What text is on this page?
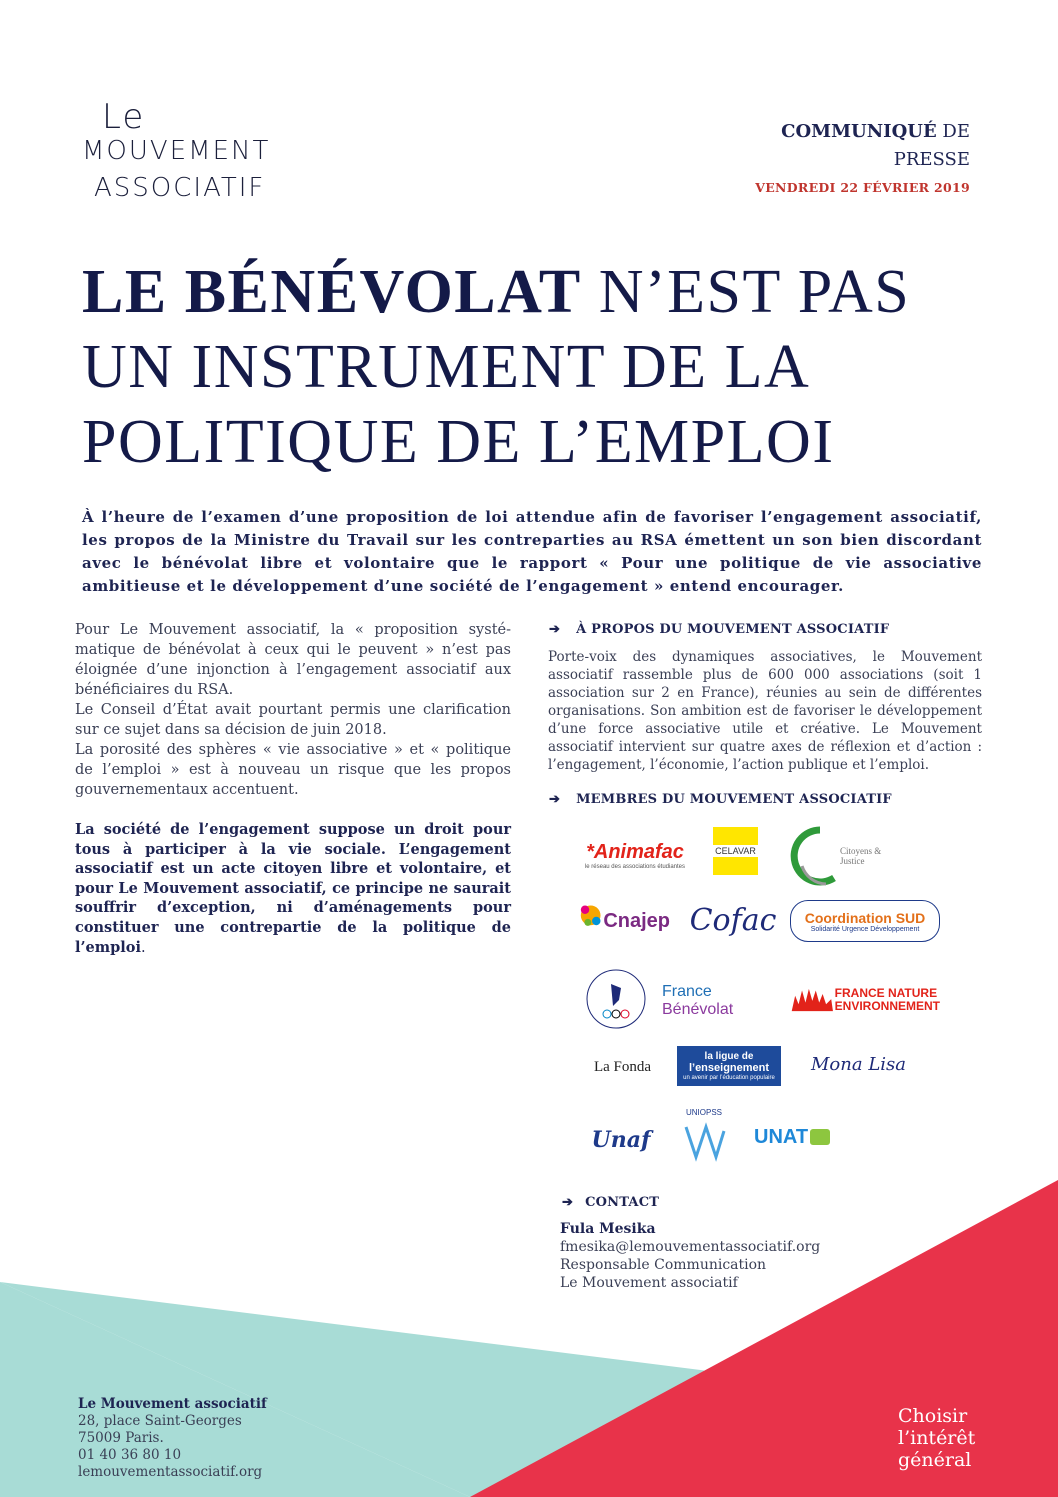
Le
MOUVEMENT
ASSOCIATIF
COMMUNIQUÉ DE
PRESSE
VENDREDI 22 FÉVRIER 2019
LE BÉNÉVOLAT N’EST PAS
UN INSTRUMENT DE LA
POLITIQUE DE L’EMPLOI
À l’heure de l’examen d’une proposition de loi attendue afin de favoriser l’engagement associatif, les propos de la Ministre du Travail sur les contreparties au RSA émettent un son bien discordant avec le bénévolat libre et volontaire que le rapport « Pour une politique de vie associative ambitieuse et le développement d’une société de l’engagement » entend encourager.

Pour Le Mouvement associatif, la « proposition systé-matique de bénévolat à ceux qui le peuvent » n’est pas éloignée d’une injonction à l’engagement associatif aux bénéficiaires du RSA.

Le Conseil d’État avait pourtant permis une clarification sur ce sujet dans sa décision de juin 2018.

La porosité des sphères « vie associative » et « politique de l’emploi » est à nouveau un risque que les propos gouvernementaux accentuent.

La société de l’engagement suppose un droit pour tous à participer à la vie sociale. L’engagement associatif est un acte citoyen libre et volontaire, et pour Le Mouvement associatif, ce principe ne saurait souffrir d’exception, ni d’aménagements pour constituer une contrepartie de la politique de l’emploi.

➔ À PROPOS DU MOUVEMENT ASSOCIATIF
Porte-voix des dynamiques associatives, le Mouvement associatif rassemble plus de 600 000 associations (soit 1 association sur 2 en France), réunies au sein de différentes organisations. Son ambition est de favoriser le développement d’une force associative utile et créative. Le Mouvement associatif intervient sur quatre axes de réflexion et d’action : l’engagement, l’économie, l’action publique et l’emploi.
➔ MEMBRES DU MOUVEMENT ASSOCIATIF
*Animafac
le réseau des associations étudiantes
CELAVAR	Citoyens & Justice
Cnajep Cofac Coordination SUD
Solidarité Urgence Développement
France
Bénévolat
FRANCE NATURE
ENVIRONNEMENT
La Fonda
la ligue de
l’enseignement
un avenir par l’éducation populaire
Mona Lisa
Unaf
UNIOPSS
UNAT
➔ CONTACT
Fula Mesika
fmesika@lemouvementassociatif.org
Responsable Communication
Le Mouvement associatif
Le Mouvement associatif
28, place Saint-Georges
75009 Paris.
01 40 36 80 10
lemouvementassociatif.org
Choisir
l’intérêt
général
